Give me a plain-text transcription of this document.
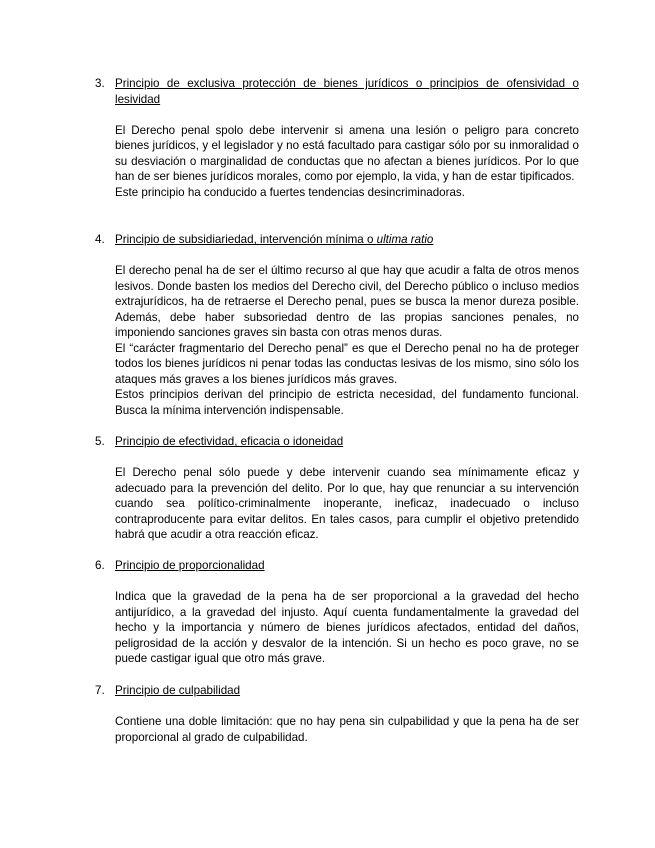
3. Principio de exclusiva protección de bienes jurídicos o principios de ofensividad o lesividad

El Derecho penal spolo debe intervenir si amena una lesión o peligro para concreto bienes jurídicos, y el legislador y no está facultado para castigar sólo por su inmoralidad o su desviación o marginalidad de conductas que no afectan a bienes jurídicos. Por lo que han de ser bienes jurídicos morales, como por ejemplo, la vida, y han de estar tipificados.

Este principio ha conducido a fuertes tendencias desincriminadoras.

4. Principio de subsidiariedad, intervención mínima o ultima ratio

El derecho penal ha de ser el último recurso al que hay que acudir a falta de otros menos lesivos. Donde basten los medios del Derecho civil, del Derecho público o incluso medios extrajurídicos, ha de retraerse el Derecho penal, pues se busca la menor dureza posible. Además, debe haber subsoriedad dentro de las propias sanciones penales, no imponiendo sanciones graves sin basta con otras menos duras.

El “carácter fragmentario del Derecho penal” es que el Derecho penal no ha de proteger todos los bienes jurídicos ni penar todas las conductas lesivas de los mismo, sino sólo los ataques más graves a los bienes jurídicos más graves.

Estos principios derivan del principio de estricta necesidad, del fundamento funcional. Busca la mínima intervención indispensable.

5. Principio de efectividad, eficacia o idoneidad

El Derecho penal sólo puede y debe intervenir cuando sea mínimamente eficaz y adecuado para la prevención del delito. Por lo que, hay que renunciar a su intervención cuando sea político-criminalmente inoperante, ineficaz, inadecuado o incluso contraproducente para evitar delitos. En tales casos, para cumplir el objetivo pretendido habrá que acudir a otra reacción eficaz.

6. Principio de proporcionalidad

Indica que la gravedad de la pena ha de ser proporcional a la gravedad del hecho antijurídico, a la gravedad del injusto. Aquí cuenta fundamentalmente la gravedad del hecho y la importancia y número de bienes jurídicos afectados, entidad del daños, peligrosidad de la acción y desvalor de la intención. Si un hecho es poco grave, no se puede castigar igual que otro más grave.

7. Principio de culpabilidad

Contiene una doble limitación: que no hay pena sin culpabilidad y que la pena ha de ser proporcional al grado de culpabilidad.
